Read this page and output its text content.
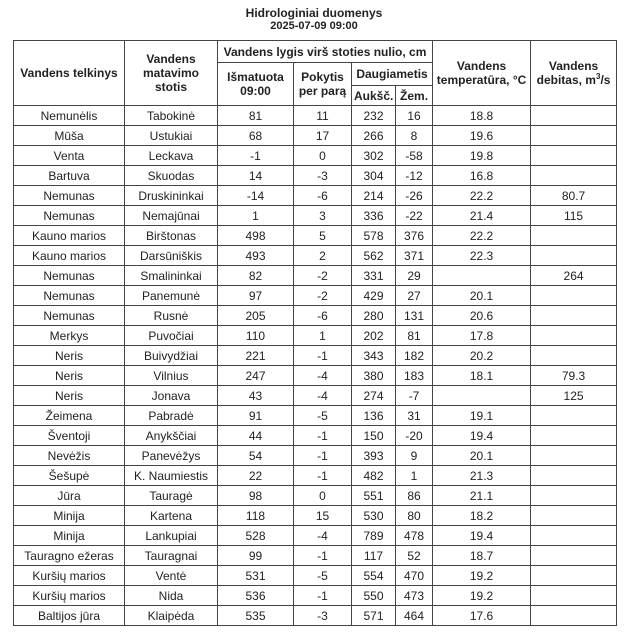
Hidrologiniai duomenys
2025-07-09 09:00
Vandens telkinys	Vandens matavimo stotis	Vandens lygis virš stoties nulio, cm				Vandens temperatūra, °C	Vandens debitas, $m^3/s$
		Išmatuota 09:00	Pokytis per parą	Daugiametis			
				Aukšč.	Žem.		
Nemunėlis	Tabokinė	81	11	232	16	18.8	
Mūša	Ustukiai	68	17	266	8	19.6	
Venta	Leckava	-1	0	302	-58	19.8	
Bartuva	Skuodas	14	-3	304	-12	16.8	
Nemunas	Druskininkai	-14	-6	214	-26	22.2	80.7
Nemunas	Nemajūnai	1	3	336	-22	21.4	115
Kauno marios	Birštonas	498	5	578	376	22.2	
Kauno marios	Darsūniškis	493	2	562	371	22.3	
Nemunas	Smalininkai	82	-2	331	29		264
Nemunas	Panemunė	97	-2	429	27	20.1	
Nemunas	Rusnė	205	-6	280	131	20.6	
Merkys	Puvočiai	110	1	202	81	17.8	
Neris	Buivydžiai	221	-1	343	182	20.2	
Neris	Vilnius	247	-4	380	183	18.1	79.3
Neris	Jonava	43	-4	274	-7		125
Žeimena	Pabradė	91	-5	136	31	19.1	
Šventoji	Anykščiai	44	-1	150	-20	19.4	
Nevėžis	Panevėžys	54	-1	393	9	20.1	
Šešupė	K. Naumiestis	22	-1	482	1	21.3	
Jūra	Tauragė	98	0	551	86	21.1	
Minija	Kartena	118	15	530	80	18.2	
Minija	Lankupiai	528	-4	789	478	19.4	
Tauragno ežeras	Tauragnai	99	-1	117	52	18.7	
Kuršių marios	Ventė	531	-5	554	470	19.2	
Kuršių marios	Nida	536	-1	550	473	19.2	
Baltijos jūra	Klaipėda	535	-3	571	464	17.6	
